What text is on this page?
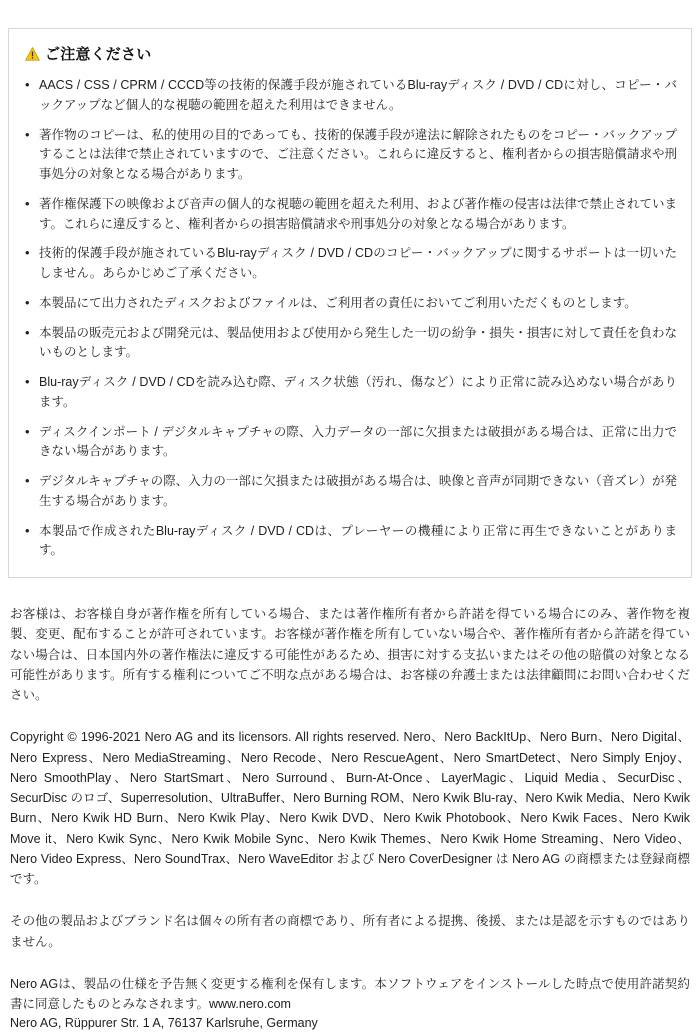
ご注意ください
• AACS / CSS / CPRM / CCCD等の技術的保護手段が施されているBlu-rayディスク / DVD / CDに対し、コピー・バックアップなど個人的な視聴の範囲を超えた利用はできません。
• 著作物のコピーは、私的使用の目的であっても、技術的保護手段が違法に解除されたものをコピー・バックアップすることは法律で禁止されていますので、ご注意ください。これらに違反すると、権利者からの損害賠償請求や刑事処分の対象となる場合があります。
• 著作権保護下の映像および音声の個人的な視聴の範囲を超えた利用、および著作権の侵害は法律で禁止されています。これらに違反すると、権利者からの損害賠償請求や刑事処分の対象となる場合があります。
• 技術的保護手段が施されているBlu-rayディスク / DVD / CDのコピー・バックアップに関するサポートは一切いたしません。あらかじめご了承ください。
• 本製品にて出力されたディスクおよびファイルは、ご利用者の責任においてご利用いただくものとします。
• 本製品の販売元および開発元は、製品使用および使用から発生した一切の紛争・損失・損害に対して責任を負わないものとします。
• Blu-rayディスク / DVD / CDを読み込む際、ディスク状態（汚れ、傷など）により正常に読み込めない場合があります。
• ディスクインポート / デジタルキャプチャの際、入力データの一部に欠損または破損がある場合は、正常に出力できない場合があります。
• デジタルキャプチャの際、入力の一部に欠損または破損がある場合は、映像と音声が同期できない（音ズレ）が発生する場合があります。
• 本製品で作成されたBlu-rayディスク / DVD / CDは、プレーヤーの機種により正常に再生できないことがあります。
お客様は、お客様自身が著作権を所有している場合、または著作権所有者から許諾を得ている場合にのみ、著作物を複製、変更、配布することが許可されています。お客様が著作権を所有していない場合や、著作権所有者から許諾を得ていない場合は、日本国内外の著作権法に違反する可能性があるため、損害に対する支払いまたはその他の賠償の対象となる可能性があります。所有する権利についてご不明な点がある場合は、お客様の弁護士または法律顧問にお問い合わせください。
Copyright © 1996-2021 Nero AG and its licensors. All rights reserved. Nero、Nero BackItUp、Nero Burn、Nero Digital、Nero Express、Nero MediaStreaming、Nero Recode、Nero RescueAgent、Nero SmartDetect、Nero Simply Enjoy、Nero SmoothPlay、Nero StartSmart、Nero Surround、Burn-At-Once、LayerMagic、Liquid Media、SecurDisc、SecurDisc のロゴ、Superresolution、UltraBuffer、Nero Burning ROM、Nero Kwik Blu-ray、Nero Kwik Media、Nero Kwik Burn、Nero Kwik HD Burn、Nero Kwik Play、Nero Kwik DVD、Nero Kwik Photobook、Nero Kwik Faces、Nero Kwik Move it、Nero Kwik Sync、Nero Kwik Mobile Sync、Nero Kwik Themes、Nero Kwik Home Streaming、Nero Video、Nero Video Express、Nero SoundTrax、Nero WaveEditor および Nero CoverDesigner は Nero AG の商標または登録商標です。
その他の製品およびブランド名は個々の所有者の商標であり、所有者による提携、後援、または是認を示すものではありません。
Nero AGは、製品の仕様を予告無く変更する権利を保有します。本ソフトウェアをインストールした時点で使用許諾契約書に同意したものとみなされます。www.nero.com
Nero AG, Rüppurer Str. 1 A, 76137 Karlsruhe, Germany
